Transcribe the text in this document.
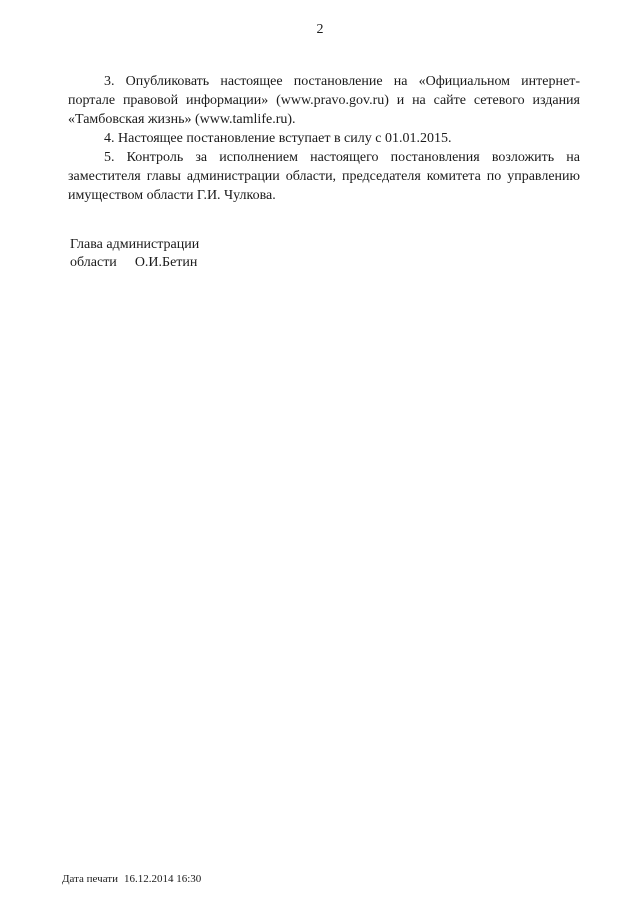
2

3. Опубликовать настоящее постановление на «Официальном интернет-портале правовой информации» (www.pravo.gov.ru) и на сайте сетевого издания «Тамбовская жизнь» (www.tamlife.ru).

4. Настоящее постановление вступает в силу с 01.01.2015.

5. Контроль за исполнением настоящего постановления возложить на заместителя главы администрации области, председателя комитета по управлению имуществом области Г.И. Чулкова.

Глава администрации

области О.И.Бетин

Дата печати 16.12.2014 16:30
